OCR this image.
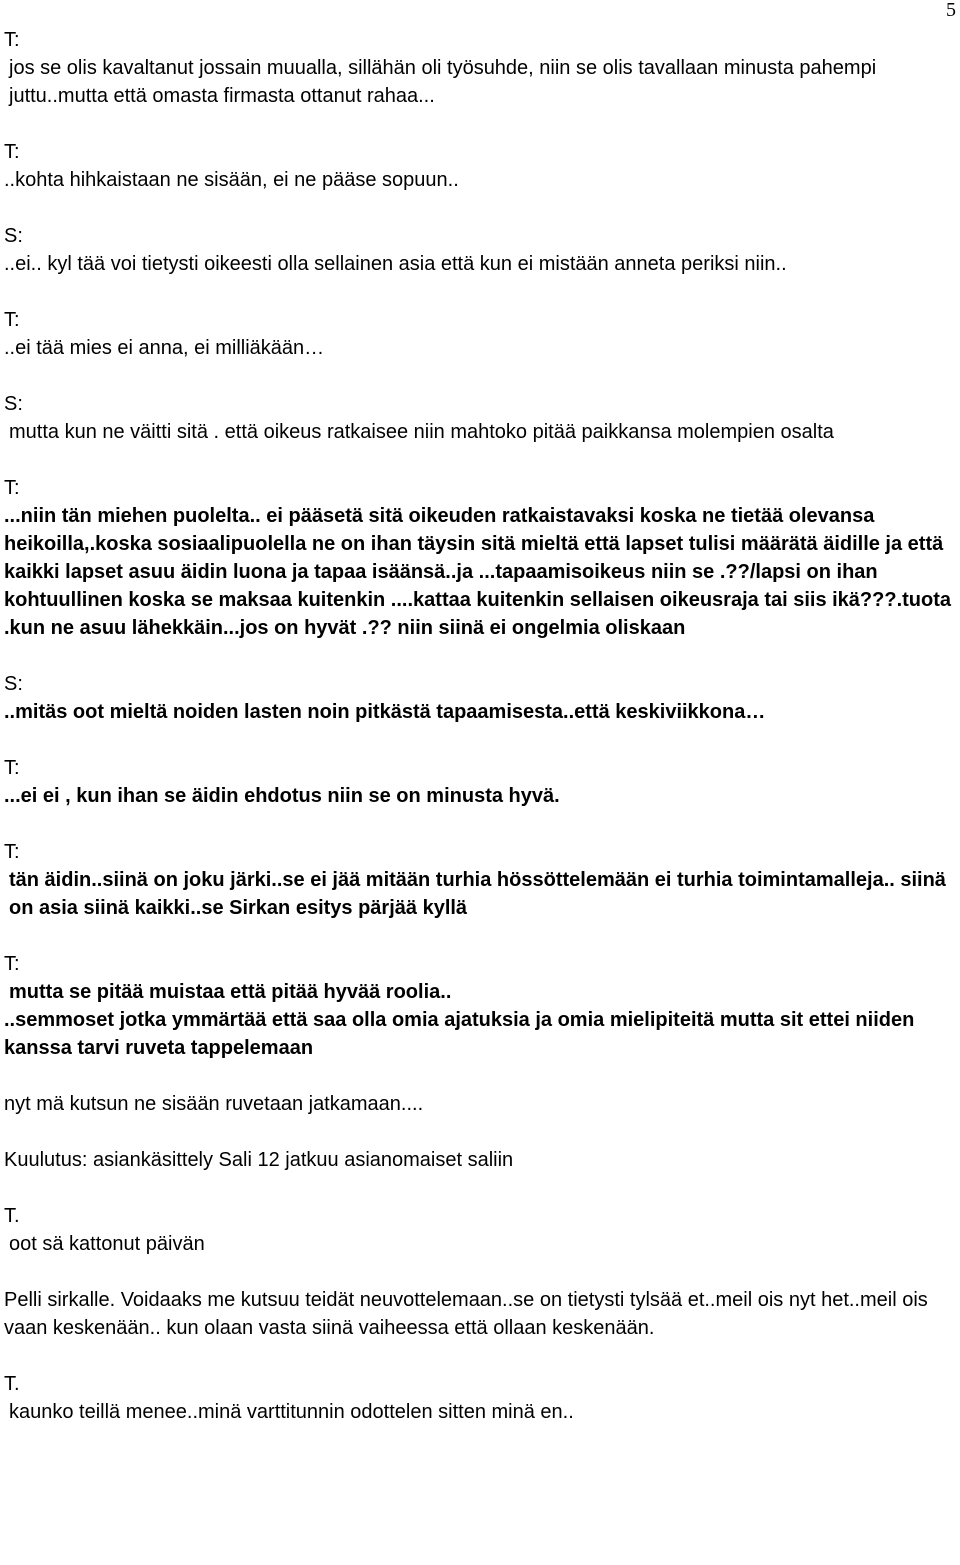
5
T:
jos se olis kavaltanut jossain muualla, sillähän oli työsuhde, niin se olis tavallaan minusta pahempi juttu..mutta että omasta firmasta ottanut rahaa...
T:
..kohta hihkaistaan ne sisään, ei ne pääse sopuun..
S:
..ei.. kyl tää voi tietysti oikeesti olla sellainen asia että kun ei mistään anneta periksi niin..
T:
..ei tää mies ei anna, ei milliäkään…
S:
mutta kun ne väitti sitä . että oikeus ratkaisee niin mahtoko pitää paikkansa molempien osalta
T:
...niin tän miehen puolelta.. ei pääsetä sitä oikeuden ratkaistavaksi koska ne tietää olevansa heikoilla,.koska sosiaalipuolella ne on ihan täysin sitä mieltä että lapset tulisi määrätä äidille ja että kaikki lapset asuu äidin luona ja tapaa isäänsä..ja ...tapaamisoikeus niin se .??/lapsi on ihan kohtuullinen koska se maksaa kuitenkin ....kattaa kuitenkin sellaisen oikeusraja tai siis ikä???.tuota .kun ne asuu lähekkäin...jos on hyvät .?? niin siinä ei ongelmia oliskaan
S:
..mitäs oot mieltä noiden lasten noin pitkästä tapaamisesta..että keskiviikkona…
T:
...ei ei , kun ihan se äidin ehdotus niin se on minusta hyvä.
T:
tän äidin..siinä on joku järki..se ei jää mitään turhia hössöttelemään ei turhia toimintamalleja.. siinä on asia siinä kaikki..se Sirkan esitys pärjää kyllä
T:
mutta se pitää muistaa että pitää hyvää roolia..
..semmoset jotka ymmärtää että saa olla omia ajatuksia ja omia mielipiteitä mutta sit ettei niiden kanssa tarvi ruveta tappelemaan
nyt mä kutsun ne sisään ruvetaan jatkamaan....
Kuulutus: asiankäsittely Sali 12 jatkuu asianomaiset saliin
T.
oot sä kattonut päivän
Pelli sirkalle. Voidaaks me kutsuu teidät neuvottelemaan..se on tietysti tylsää et..meil ois nyt het..meil ois vaan keskenään.. kun olaan vasta siinä vaiheessa että ollaan keskenään.
T.
kaunko teillä menee..minä varttitunnin odottelen sitten minä en..
